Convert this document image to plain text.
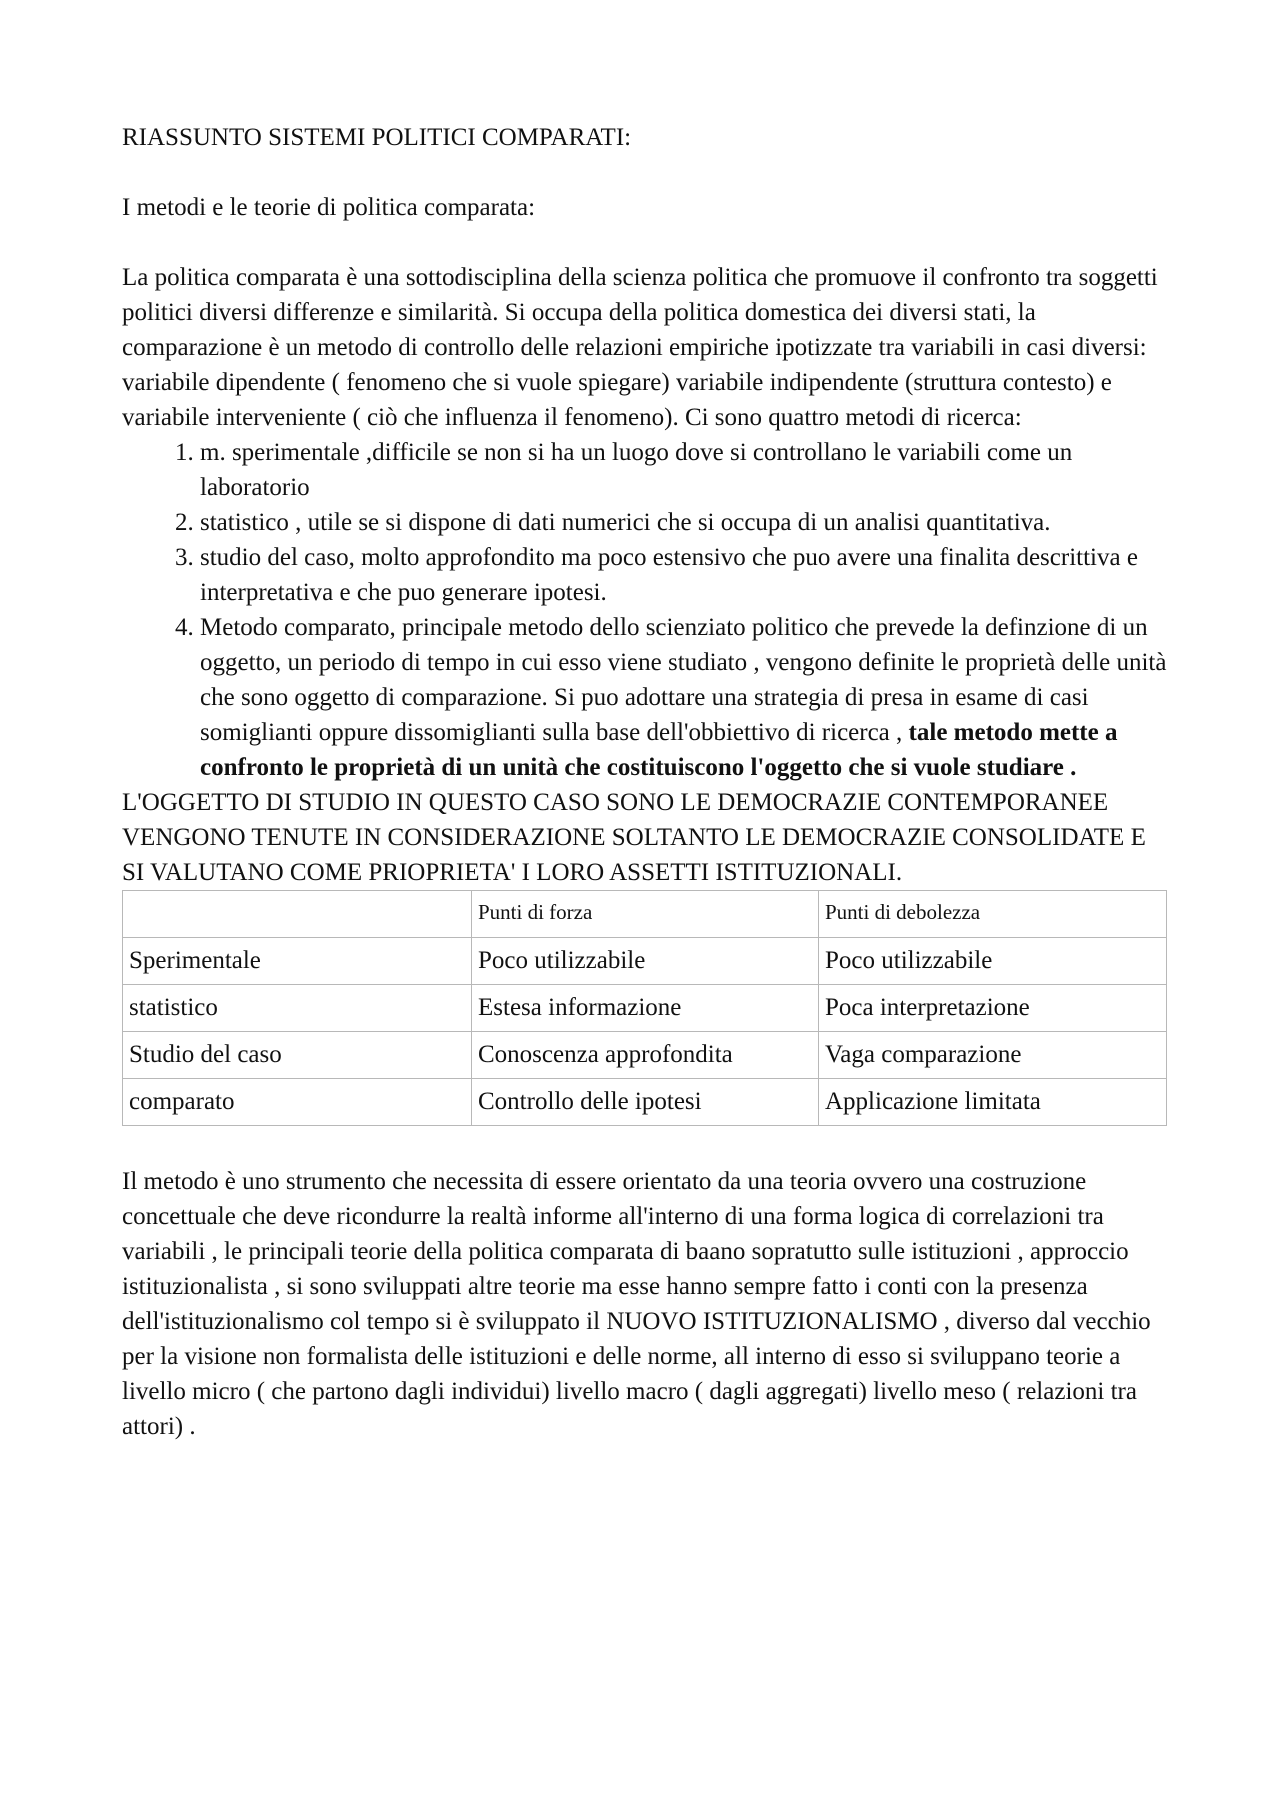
RIASSUNTO SISTEMI POLITICI COMPARATI:
I metodi e le teorie di politica comparata:

La politica comparata è una sottodisciplina della scienza politica che promuove il confronto tra soggetti politici diversi differenze e similarità. Si occupa della politica domestica dei diversi stati, la comparazione è un metodo di controllo delle relazioni empiriche ipotizzate tra variabili in casi diversi: variabile dipendente ( fenomeno che si vuole spiegare) variabile indipendente (struttura contesto) e variabile interveniente ( ciò che influenza il fenomeno). Ci sono quattro metodi di ricerca:

1. m. sperimentale ,difficile se non si ha un luogo dove si controllano le variabili come un laboratorio
2. statistico , utile se si dispone di dati numerici che si occupa di un analisi quantitativa.
3. studio del caso, molto approfondito ma poco estensivo che puo avere una finalita descrittiva e interpretativa e che puo generare ipotesi.
4. Metodo comparato, principale metodo dello scienziato politico che prevede la definzione di un oggetto, un periodo di tempo in cui esso viene studiato , vengono definite le proprietà delle unità che sono oggetto di comparazione. Si puo adottare una strategia di presa in esame di casi somiglianti oppure dissomiglianti sulla base dell'obbiettivo di ricerca , tale metodo mette a confronto le proprietà di un unità che costituiscono l'oggetto che si vuole studiare .

L'OGGETTO DI STUDIO IN QUESTO CASO SONO LE DEMOCRAZIE CONTEMPORANEE VENGONO TENUTE IN CONSIDERAZIONE SOLTANTO LE DEMOCRAZIE CONSOLIDATE E SI VALUTANO COME PRIOPRIETA' I LORO ASSETTI ISTITUZIONALI.

	Punti di forza	Punti di debolezza
Sperimentale	Poco utilizzabile	Poco utilizzabile
statistico	Estesa informazione	Poca interpretazione
Studio del caso	Conoscenza approfondita	Vaga comparazione
comparato	Controllo delle ipotesi	Applicazione limitata

Il metodo è uno strumento che necessita di essere orientato da una teoria ovvero una costruzione concettuale che deve ricondurre la realtà informe all'interno di una forma logica di correlazioni tra variabili , le principali teorie della politica comparata di baano sopratutto sulle istituzioni , approccio istituzionalista , si sono sviluppati altre teorie ma esse hanno sempre fatto i conti con la presenza dell'istituzionalismo col tempo si è sviluppato il NUOVO ISTITUZIONALISMO , diverso dal vecchio per la visione non formalista delle istituzioni e delle norme, all interno di esso si sviluppano teorie a livello micro ( che partono dagli individui) livello macro ( dagli aggregati) livello meso ( relazioni tra attori) .
